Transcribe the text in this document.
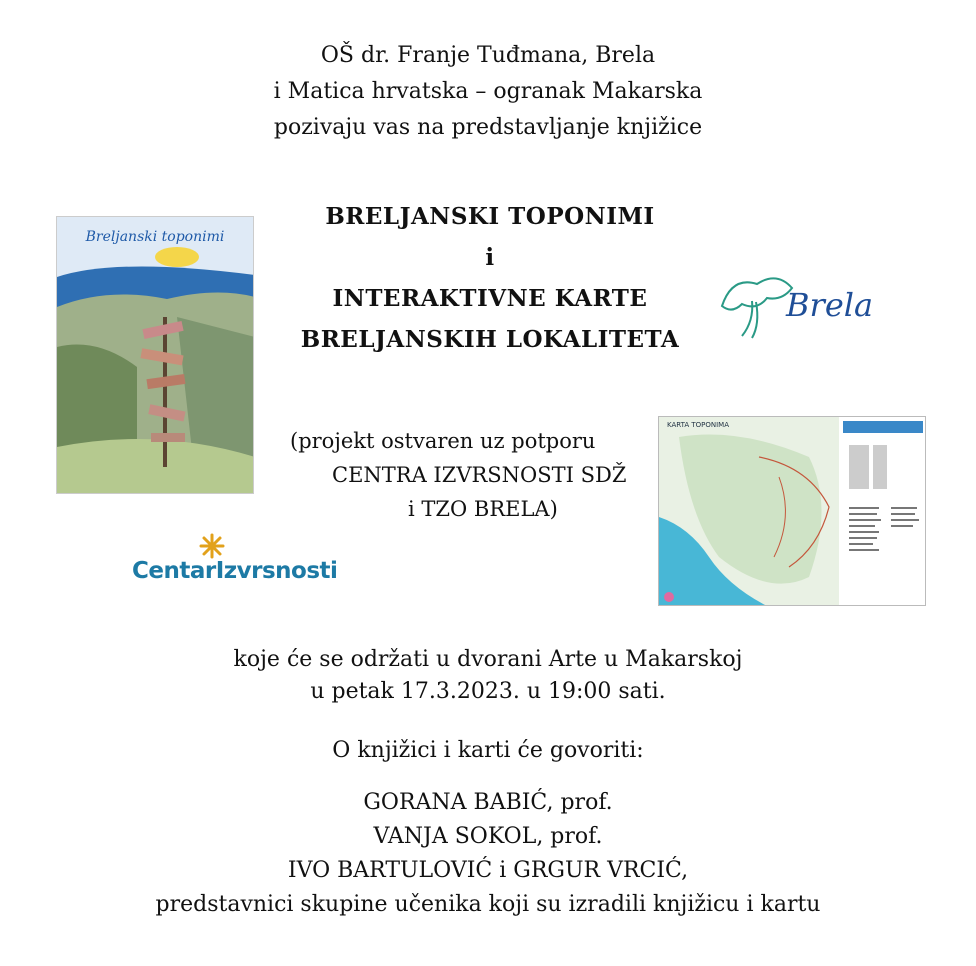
OŠ dr. Franje Tuđmana, Brela
i Matica hrvatska – ogranak Makarska
pozivaju vas na predstavljanje knjižice
BRELJANSKI TOPONIMI
i
INTERAKTIVNE KARTE
BRELJANSKIH LOKALITETA
Breljanski toponimi
Brela
(projekt ostvaren uz potporu
CENTRA IZVRSNOSTI SDŽ
i TZO BRELA)
KARTA TOPONIMA
CentarIzvrsnosti
koje će se održati u dvorani Arte u Makarskoj
u petak 17.3.2023. u 19:00 sati.
O knjižici i karti će govoriti:
GORANA BABIĆ, prof.
VANJA SOKOL, prof.
IVO BARTULOVIĆ i GRGUR VRCIĆ,
predstavnici skupine učenika koji su izradili knjižicu i kartu
